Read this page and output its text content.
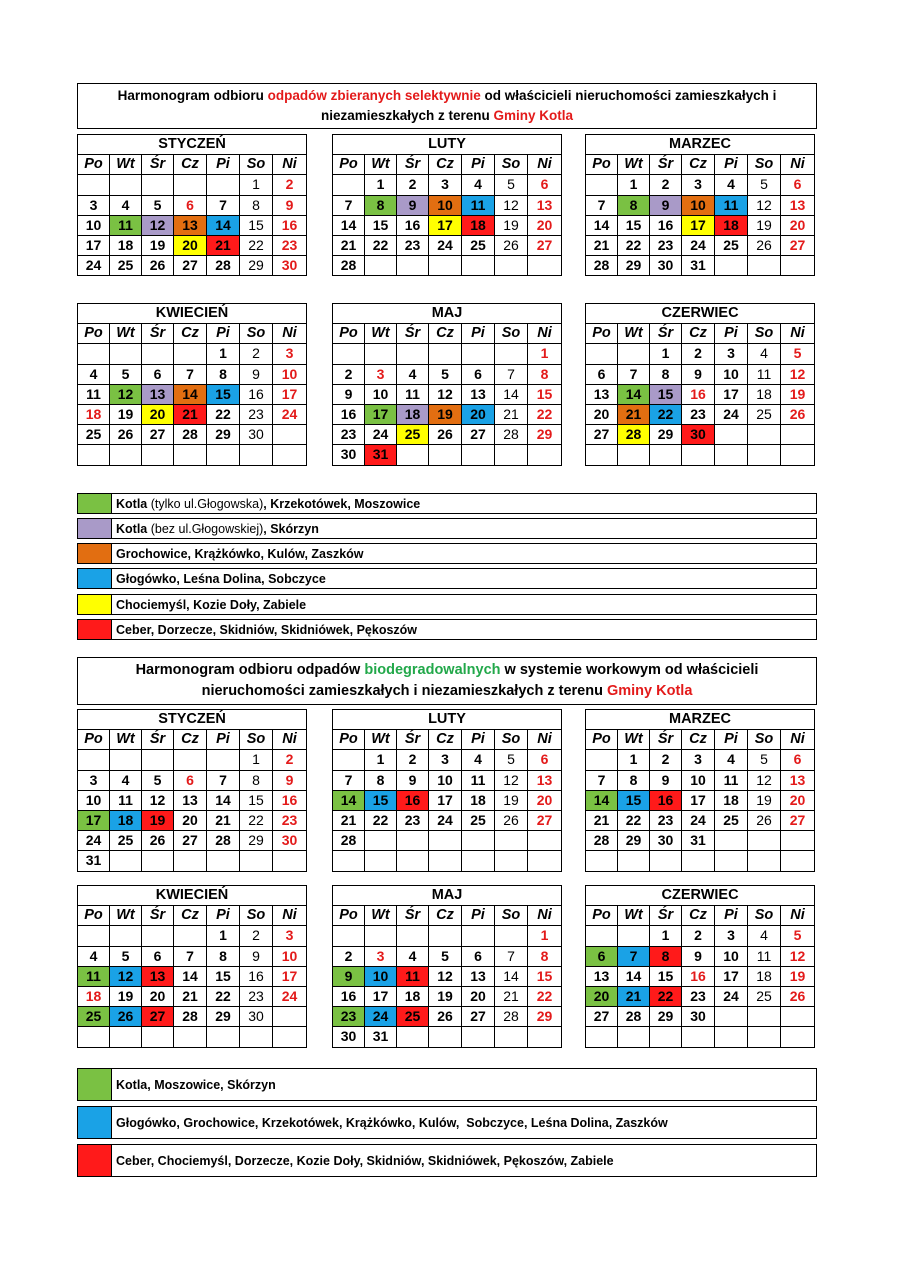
Harmonogram odbioru odpadów zbieranych selektywnie od właścicieli nieruchomości zamieszkałych i
niezamieszkałych z terenu Gminy Kotla
STYCZEŃ						
Po	Wt	Śr	Cz	Pi	So	Ni
					1	2
3	4	5	6	7	8	9
10	11	12	13	14	15	16
17	18	19	20	21	22	23
24	25	26	27	28	29	30
LUTY						
Po	Wt	Śr	Cz	Pi	So	Ni
	1	2	3	4	5	6
7	8	9	10	11	12	13
14	15	16	17	18	19	20
21	22	23	24	25	26	27
28						
MARZEC						
Po	Wt	Śr	Cz	Pi	So	Ni
	1	2	3	4	5	6
7	8	9	10	11	12	13
14	15	16	17	18	19	20
21	22	23	24	25	26	27
28	29	30	31			
KWIECIEŃ						
Po	Wt	Śr	Cz	Pi	So	Ni
				1	2	3
4	5	6	7	8	9	10
11	12	13	14	15	16	17
18	19	20	21	22	23	24
25	26	27	28	29	30	

MAJ						
Po	Wt	Śr	Cz	Pi	So	Ni
						1
2	3	4	5	6	7	8
9	10	11	12	13	14	15
16	17	18	19	20	21	22
23	24	25	26	27	28	29
30	31					
CZERWIEC						
Po	Wt	Śr	Cz	Pi	So	Ni
		1	2	3	4	5
6	7	8	9	10	11	12
13	14	15	16	17	18	19
20	21	22	23	24	25	26
27	28	29	30			

Kotla (tylko ul.Głogowska) , Krzekotówek, Moszowice
Kotla (bez ul.Głogowskiej) , Skórzyn
Grochowice, Krążkówko, Kulów, Zaszków
Głogówko, Leśna Dolina, Sobczyce
Chociemyśl, Kozie Doły, Zabiele
Ceber, Dorzecze, Skidniów, Skidniówek, Pękoszów
Harmonogram odbioru odpadów biodegradowalnych w systemie workowym od właścicieli
nieruchomości zamieszkałych i niezamieszkałych z terenu Gminy Kotla
STYCZEŃ						
Po	Wt	Śr	Cz	Pi	So	Ni
					1	2
3	4	5	6	7	8	9
10	11	12	13	14	15	16
17	18	19	20	21	22	23
24	25	26	27	28	29	30
31						
LUTY						
Po	Wt	Śr	Cz	Pi	So	Ni
	1	2	3	4	5	6
7	8	9	10	11	12	13
14	15	16	17	18	19	20
21	22	23	24	25	26	27
28						

MARZEC						
Po	Wt	Śr	Cz	Pi	So	Ni
	1	2	3	4	5	6
7	8	9	10	11	12	13
14	15	16	17	18	19	20
21	22	23	24	25	26	27
28	29	30	31			

KWIECIEŃ						
Po	Wt	Śr	Cz	Pi	So	Ni
				1	2	3
4	5	6	7	8	9	10
11	12	13	14	15	16	17
18	19	20	21	22	23	24
25	26	27	28	29	30	

MAJ						
Po	Wt	Śr	Cz	Pi	So	Ni
						1
2	3	4	5	6	7	8
9	10	11	12	13	14	15
16	17	18	19	20	21	22
23	24	25	26	27	28	29
30	31					
CZERWIEC						
Po	Wt	Śr	Cz	Pi	So	Ni
		1	2	3	4	5
6	7	8	9	10	11	12
13	14	15	16	17	18	19
20	21	22	23	24	25	26
27	28	29	30			

Kotla, Moszowice, Skórzyn
Głogówko, Grochowice, Krzekotówek, Krążkówko, Kulów,  Sobczyce, Leśna Dolina, Zaszków
Ceber, Chociemyśl, Dorzecze, Kozie Doły, Skidniów, Skidniówek, Pękoszów, Zabiele
